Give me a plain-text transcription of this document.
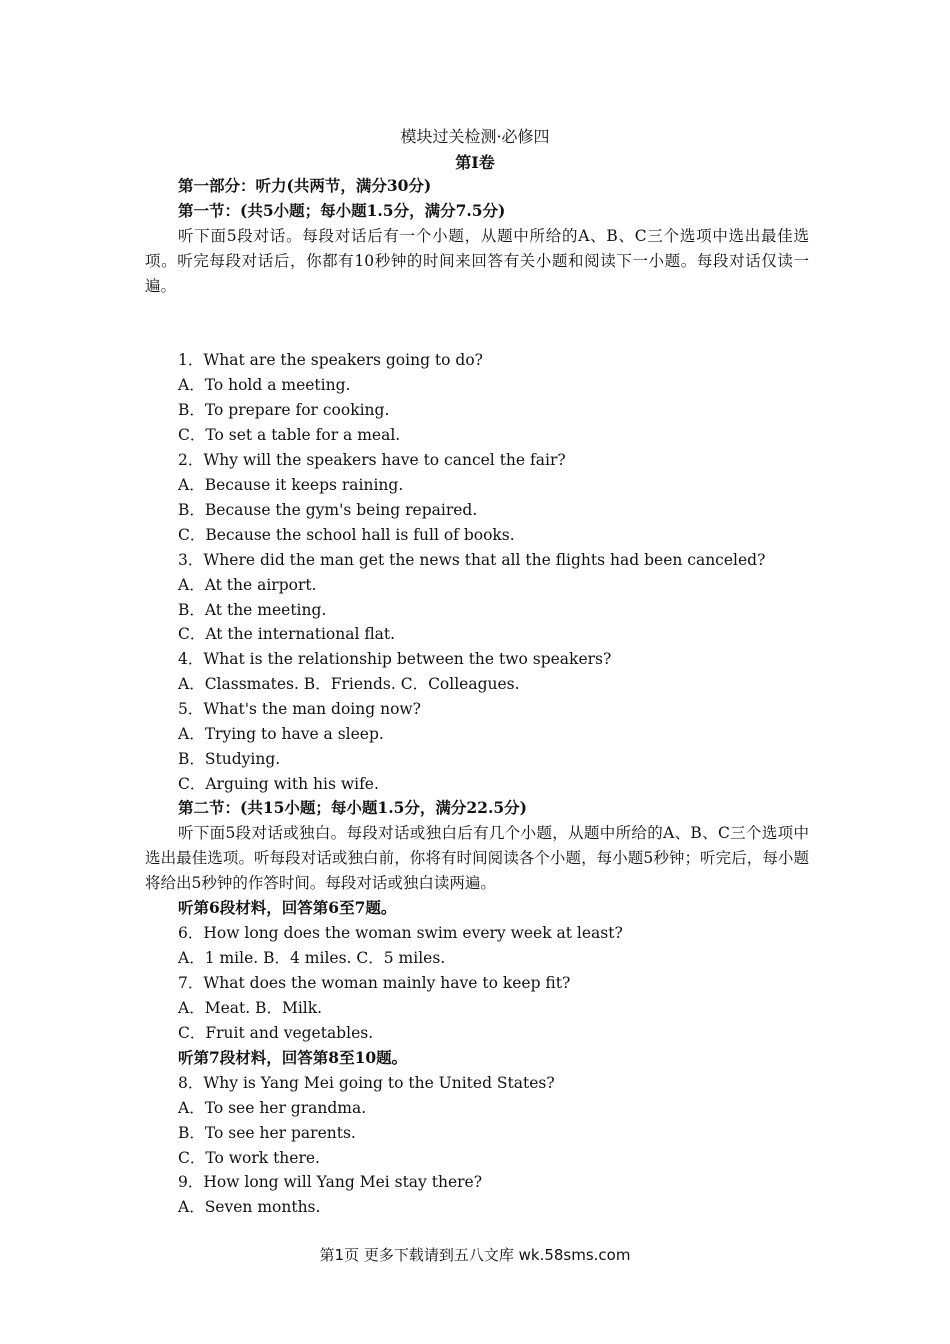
模块过关检测·必修四
第Ⅰ卷
第一部分：听力(共两节，满分30分)
第一节：(共5小题；每小题1.5分，满分7.5分)
听下面5段对话。每段对话后有一个小题，从题中所给的A、B、C三个选项中选出最佳选项。听完每段对话后，你都有10秒钟的时间来回答有关小题和阅读下一小题。每段对话仅读一遍。
1．What are the speakers going to do?
A．To hold a meeting.
B．To prepare for cooking.
C．To set a table for a meal.
2．Why will the speakers have to cancel the fair?
A．Because it keeps raining.
B．Because the gym's being repaired.
C．Because the school hall is full of books.
3．Where did the man get the news that all the flights had been canceled?
A．At the airport.
B．At the meeting.
C．At the international flat.
4．What is the relationship between the two speakers?
A．Classmates. B．Friends. C．Colleagues.
5．What's the man doing now?
A．Trying to have a sleep.
B．Studying.
C．Arguing with his wife.
第二节：(共15小题；每小题1.5分，满分22.5分)
听下面5段对话或独白。每段对话或独白后有几个小题，从题中所给的A、B、C三个选项中选出最佳选项。听每段对话或独白前，你将有时间阅读各个小题，每小题5秒钟；听完后，每小题将给出5秒钟的作答时间。每段对话或独白读两遍。
听第6段材料，回答第6至7题。
6．How long does the woman swim every week at least?
A．1 mile. B．4 miles. C．5 miles.
7．What does the woman mainly have to keep fit?
A．Meat. B．Milk.
C．Fruit and vegetables.
听第7段材料，回答第8至10题。
8．Why is Yang Mei going to the United States?
A．To see her grandma.
B．To see her parents.
C．To work there.
9．How long will Yang Mei stay there?
A．Seven months.
第1页 更多下载请到五八文库 wk.58sms.com
